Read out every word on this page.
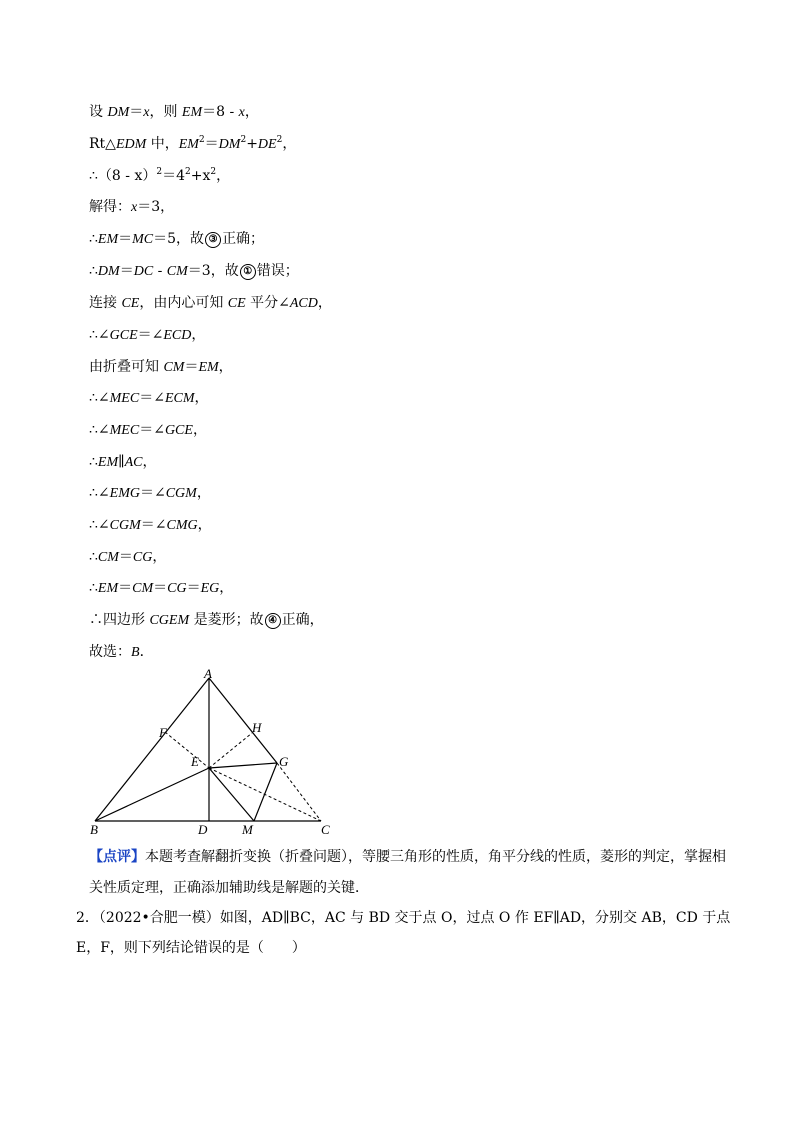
设 DM＝x，则 EM＝8 - x，
Rt△EDM 中，$EM^2=DM^2+DE^2$，
∴（8 - $x)^2=4^2+x^2$，
解得：x＝3，
∴EM＝MC＝5，故 ③ 正确；
∴DM＝DC - CM＝3，故 ① 错误；
连接 CE，由内心可知 CE 平分∠ACD，
∴∠GCE＝∠ECD，
由折叠可知 CM＝EM，
∴∠MEC＝∠ECM，
∴∠MEC＝∠GCE，
∴EM∥AC，
∴∠EMG＝∠CGM，
∴∠CGM＝∠CMG，
∴CM＝CG，
∴EM＝CM＝CG＝EG，
∴四边形 CGEM 是菱形；故 ④ 正确，
故选：B．
A
B	C
D
E
F
G
H
M
【点评】本题考查解翻折变换（折叠问题），等腰三角形的性质，角平分线的性质，菱形的判定，掌握相关性质定理，正确添加辅助线是解题的关键．
2．（2022•合肥一模）如图，AD∥BC，AC 与 BD 交于点 O，过点 O 作 EF∥AD，分别交 AB，CD 于点 E，F，则下列结论错误的是（　　）
